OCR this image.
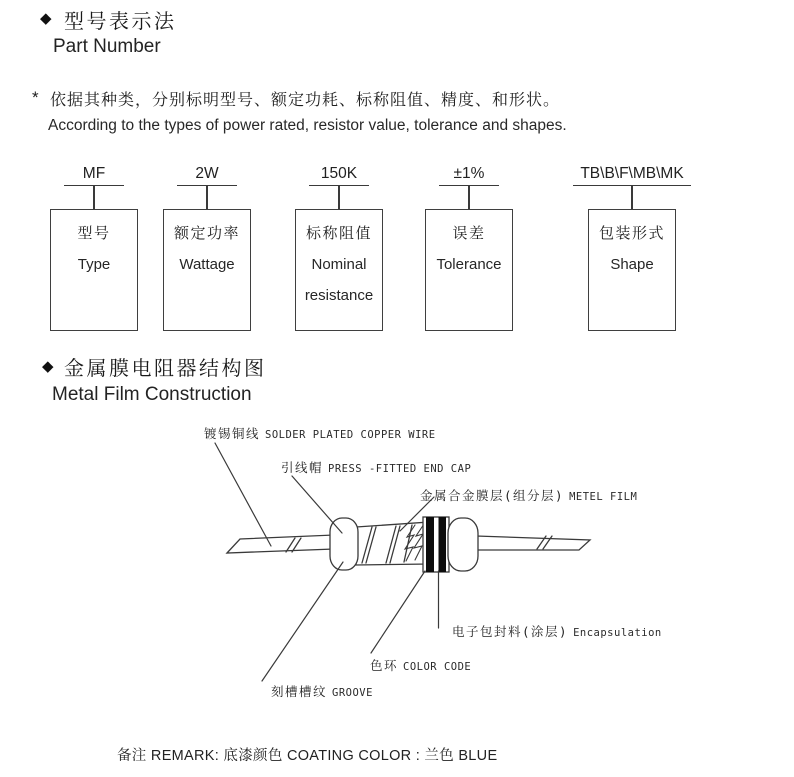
◆ 型号表示法
Part Number
* 依据其种类，分别标明型号、额定功耗、标称阻值、精度、和形状。
According to the types of power rated, resistor value, tolerance and shapes.
MF
型号
Type
2W
额定功率
Wattage
150K
标称阻值
Nominal
resistance
±1%
误差
Tolerance
TB\B\F\MB\MK
包装形式
Shape
◆ 金属膜电阻器结构图
Metal Film Construction
镀锡铜线 SOLDER PLATED COPPER WIRE
引线帽 PRESS -FITTED END CAP
金属合金膜层(组分层) METEL FILM
电子包封料(涂层) Encapsulation
色环 COLOR CODE
刻槽槽纹 GROOVE
备注 REMARK: 底漆颜色 COATING COLOR : 兰色 BLUE
